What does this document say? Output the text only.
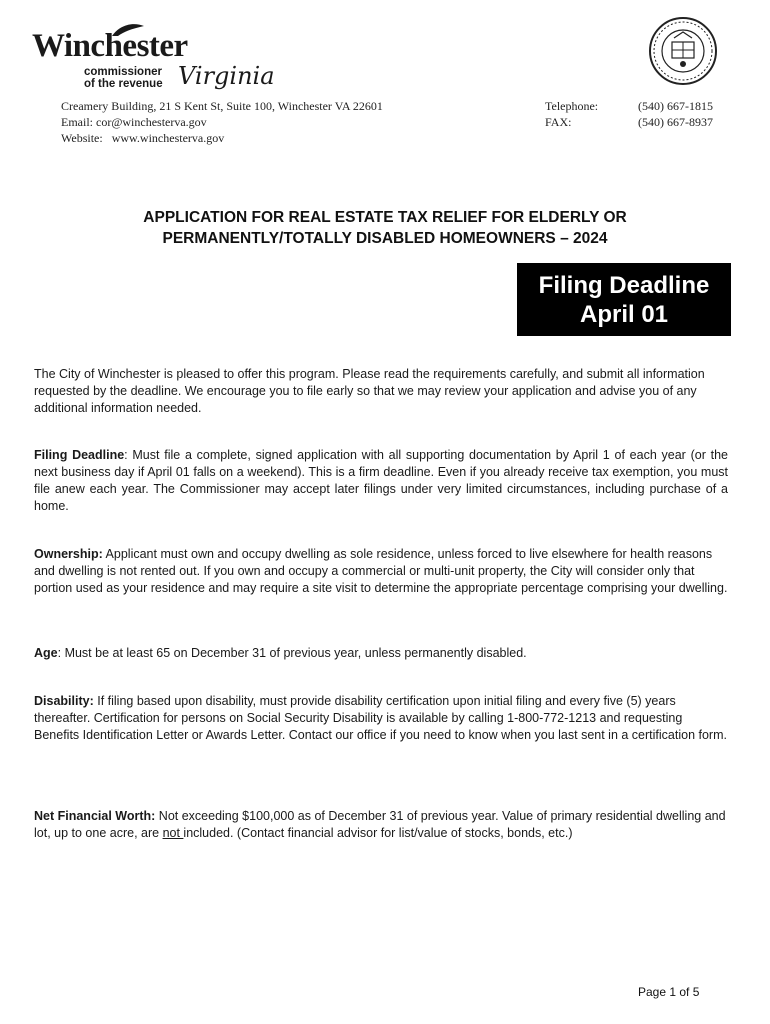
Winchester
commissioner
of the revenue Virginia
Creamery Building, 21 S Kent St, Suite 100, Winchester VA 22601
Email: cor@winchesterva.gov
Website: www.winchesterva.gov
Telephone:
FAX:
(540) 667-1815
(540) 667-8937
APPLICATION FOR REAL ESTATE TAX RELIEF FOR ELDERLY OR
PERMANENTLY/TOTALLY DISABLED HOMEOWNERS – 2024
Filing Deadline
April 01
The City of Winchester is pleased to offer this program. Please read the requirements carefully, and submit all information requested by the deadline. We encourage you to file early so that we may review your application and advise you of any additional information needed.
Filing Deadline: Must file a complete, signed application with all supporting documentation by April 1 of each year (or the next business day if April 01 falls on a weekend). This is a firm deadline. Even if you already receive tax exemption, you must file anew each year. The Commissioner may accept later filings under very limited circumstances, including purchase of a home.
Ownership: Applicant must own and occupy dwelling as sole residence, unless forced to live elsewhere for health reasons and dwelling is not rented out. If you own and occupy a commercial or multi-unit property, the City will consider only that portion used as your residence and may require a site visit to determine the appropriate percentage comprising your dwelling.
Age: Must be at least 65 on December 31 of previous year, unless permanently disabled.
Disability: If filing based upon disability, must provide disability certification upon initial filing and every five (5) years thereafter. Certification for persons on Social Security Disability is available by calling 1-800-772-1213 and requesting Benefits Identification Letter or Awards Letter. Contact our office if you need to know when you last sent in a certification form.
Net Financial Worth: Not exceeding $100,000 as of December 31 of previous year. Value of primary residential dwelling and lot, up to one acre, are not included. (Contact financial advisor for list/value of stocks, bonds, etc.)
Page 1 of 5
